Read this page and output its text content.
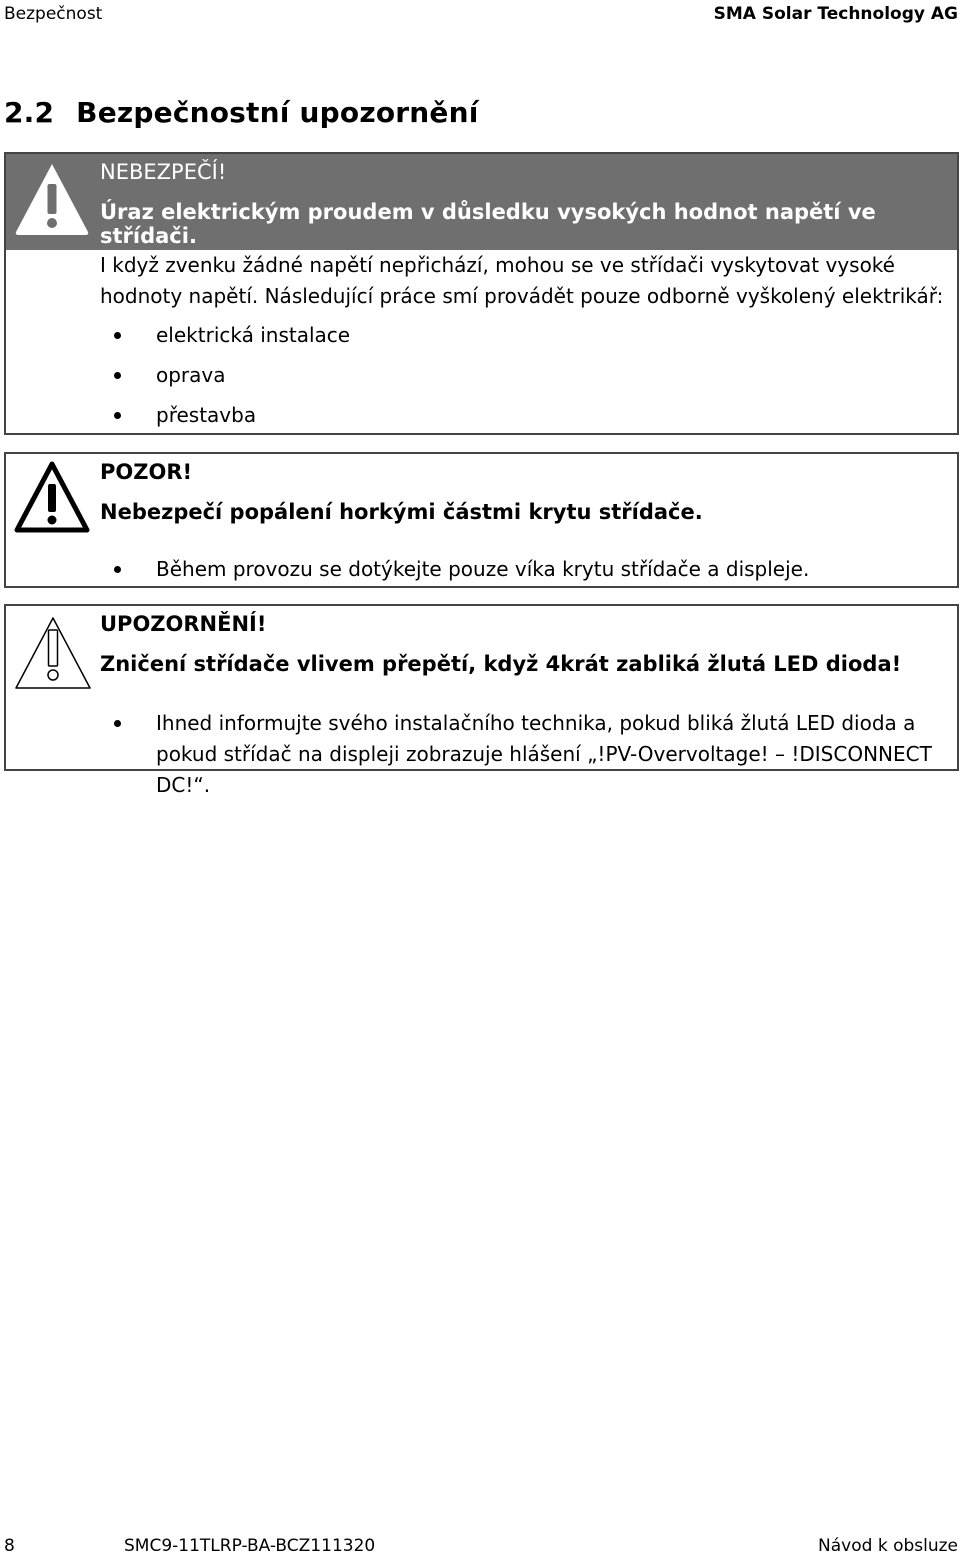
Bezpečnost	SMA Solar Technology AG
2.2 Bezpečnostní upozornění
NEBEZPEČÍ!
Úraz elektrickým proudem v důsledku vysokých hodnot napětí ve střídači.
I když zvenku žádné napětí nepřichází, mohou se ve střídači vyskytovat vysoké hodnoty napětí. Následující práce smí provádět pouze odborně vyškolený elektrikář:
elektrická instalace
oprava
přestavba
POZOR!
Nebezpečí popálení horkými částmi krytu střídače.
Během provozu se dotýkejte pouze víka krytu střídače a displeje.
UPOZORNĚNÍ!
Zničení střídače vlivem přepětí, když 4krát zabliká žlutá LED dioda!
Ihned informujte svého instalačního technika, pokud bliká žlutá LED dioda a pokud střídač na displeji zobrazuje hlášení „!PV-Overvoltage! – !DISCONNECT DC!“.
8	SMC9-11TLRP-BA-BCZ111320	Návod k obsluze
